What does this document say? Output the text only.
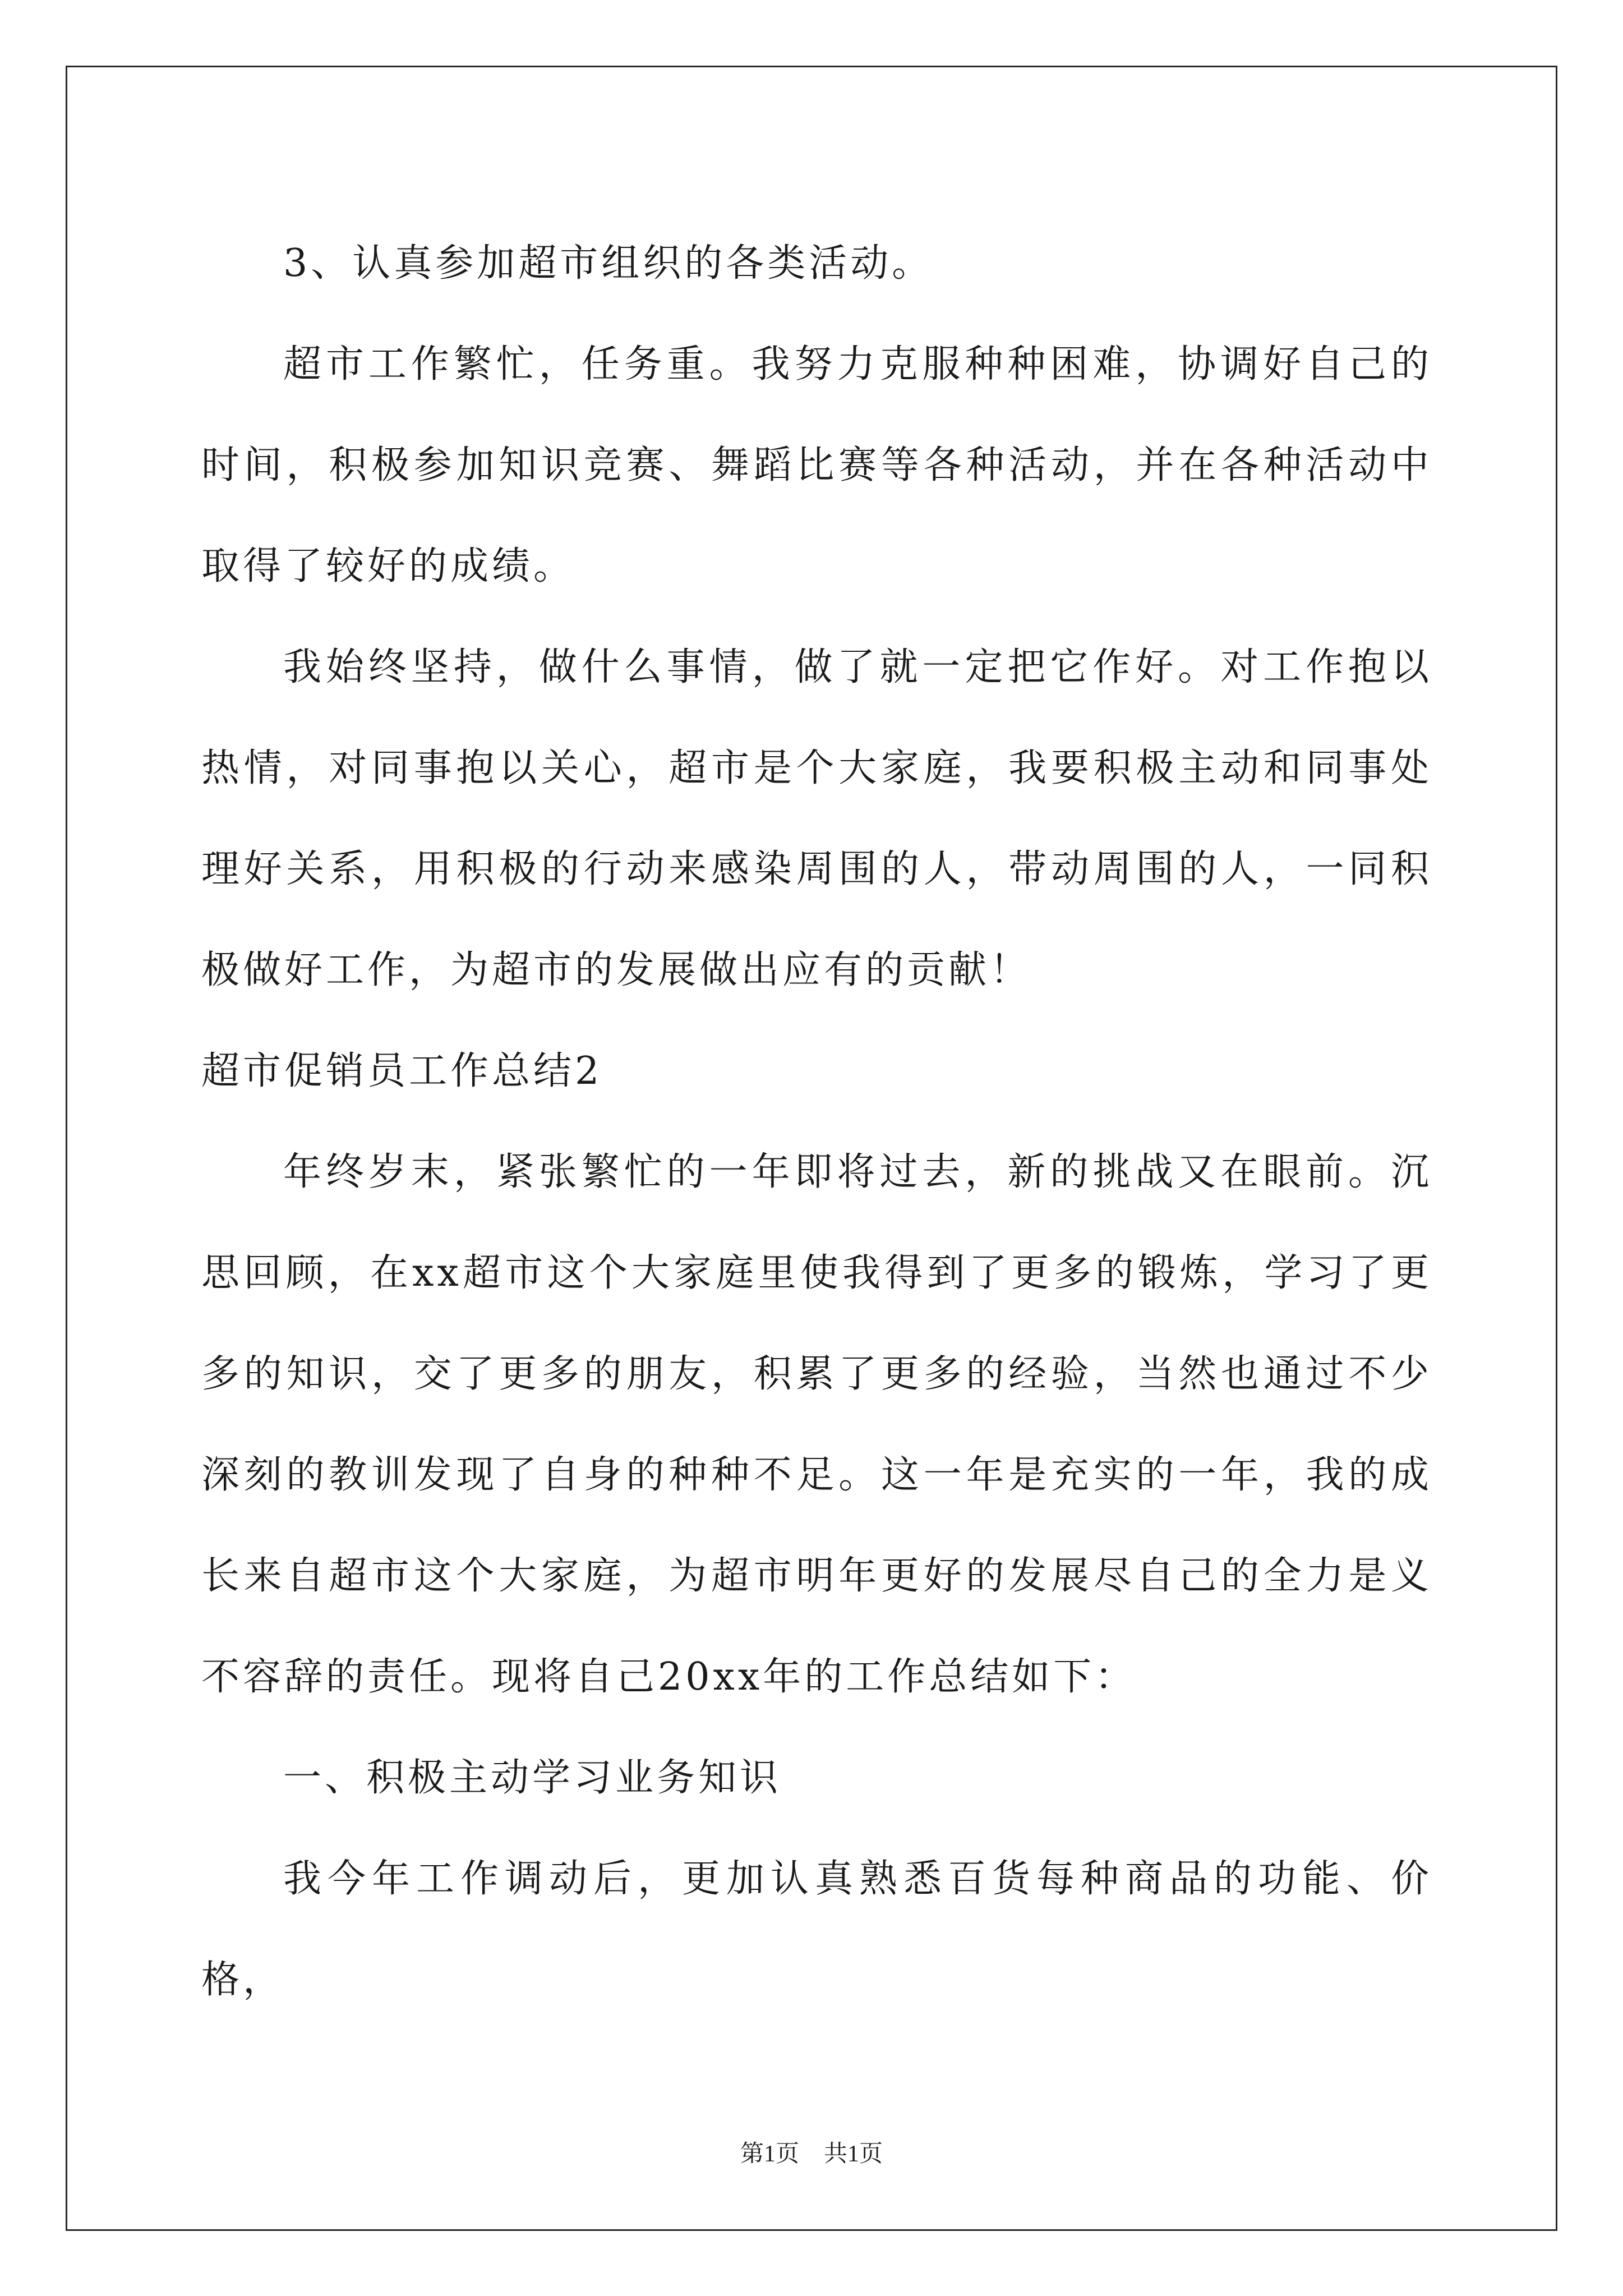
3、认真参加超市组织的各类活动。

超市工作繁忙，任务重。我努力克服种种困难，协调好自己的时间，积极参加知识竞赛、舞蹈比赛等各种活动，并在各种活动中取得了较好的成绩。

我始终坚持，做什么事情，做了就一定把它作好。对工作抱以热情，对同事抱以关心，超市是个大家庭，我要积极主动和同事处理好关系，用积极的行动来感染周围的人，带动周围的人，一同积极做好工作，为超市的发展做出应有的贡献！

超市促销员工作总结2

年终岁末，紧张繁忙的一年即将过去，新的挑战又在眼前。沉思回顾，在xx超市这个大家庭里使我得到了更多的锻炼，学习了更多的知识，交了更多的朋友，积累了更多的经验，当然也通过不少深刻的教训发现了自身的种种不足。这一年是充实的一年，我的成长来自超市这个大家庭，为超市明年更好的发展尽自己的全力是义不容辞的责任。现将自己20xx年的工作总结如下：

一、积极主动学习业务知识

我今年工作调动后，更加认真熟悉百货每种商品的功能、价格，

第1页 共1页
